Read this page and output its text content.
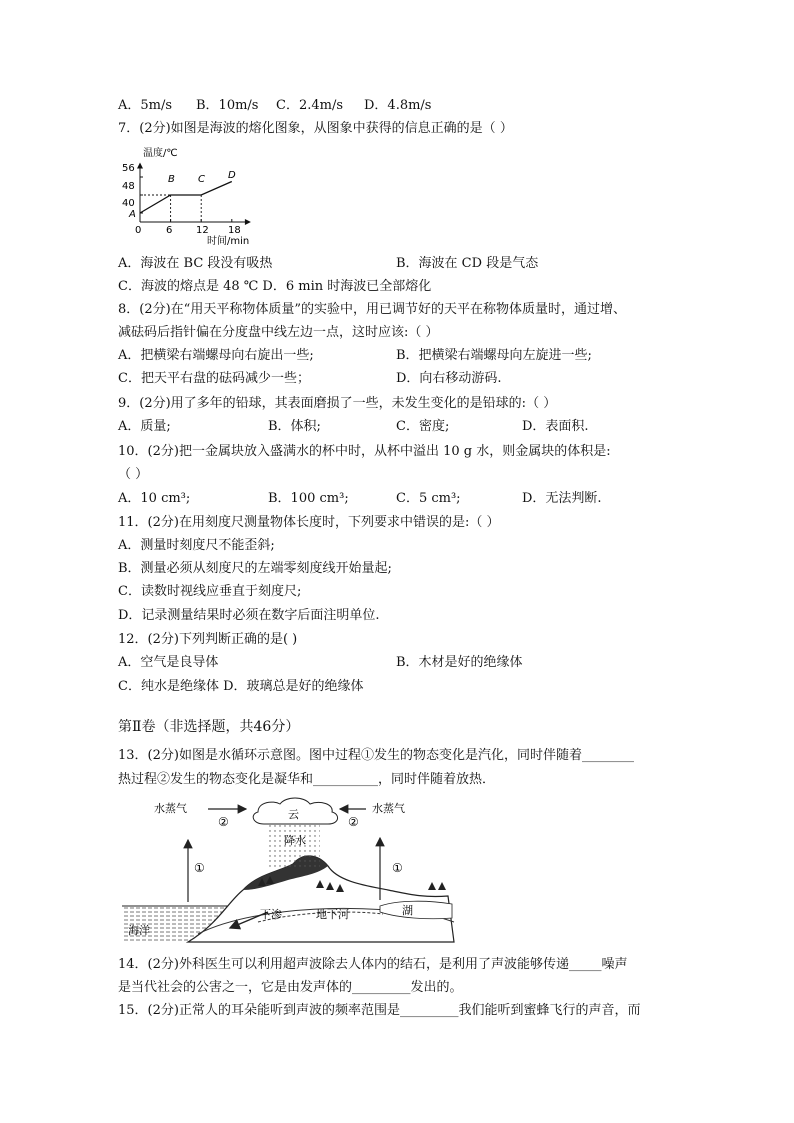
A．5m/s B．10m/s C．2.4m/s D．4.8m/s
7．(2分)如图是海波的熔化图象，从图象中获得的信息正确的是（ ）
温度/℃
时间/min
56
48
40
0 6 12 18
A
B C D
A．海波在 BC 段没有吸热	B．海波在 CD 段是气态
C．海波的熔点是 48 ℃ D．6 min 时海波已全部熔化
8．(2分)在“用天平称物体质量”的实验中，用已调节好的天平在称物体质量时，通过增、
减砝码后指针偏在分度盘中线左边一点，这时应该:（ ）
A．把横梁右端螺母向右旋出一些;	B．把横梁右端螺母向左旋进一些;
C．把天平右盘的砝码减少一些；	D．向右移动游码.
9．(2分)用了多年的铅球，其表面磨损了一些，未发生变化的是铅球的:（ ）
A．质量;	B．体积;	C．密度;	D．表面积.
10．(2分)把一金属块放入盛满水的杯中时，从杯中溢出 10 g 水，则金属块的体积是:
（ ）
A．10 cm³;	B．100 cm³;	C．5 cm³;	D．无法判断.
11．(2分)在用刻度尺测量物体长度时，下列要求中错误的是:（ ）
A．测量时刻度尺不能歪斜;
B．测量必须从刻度尺的左端零刻度线开始量起;
C．读数时视线应垂直于刻度尺;
D．记录测量结果时必须在数字后面注明单位.
12．(2分)下列判断正确的是( )
A．空气是良导体	B．木材是好的绝缘体
C．纯水是绝缘体 D．玻璃总是好的绝缘体
第Ⅱ卷（非选择题，共46分）
13．(2分)如图是水循环示意图。图中过程①发生的物态变化是汽化，同时伴随着________
热过程②发生的物态变化是凝华和__________，同时伴随着放热．
水蒸气	水蒸气
②	②
云
降水
①	①
下渗	地下河	湖
海洋
14．(2分)外科医生可以利用超声波除去人体内的结石，是利用了声波能够传递_____噪声
是当代社会的公害之一，它是由发声体的_________发出的。
15．(2分)正常人的耳朵能听到声波的频率范围是_________我们能听到蜜蜂飞行的声音，而
